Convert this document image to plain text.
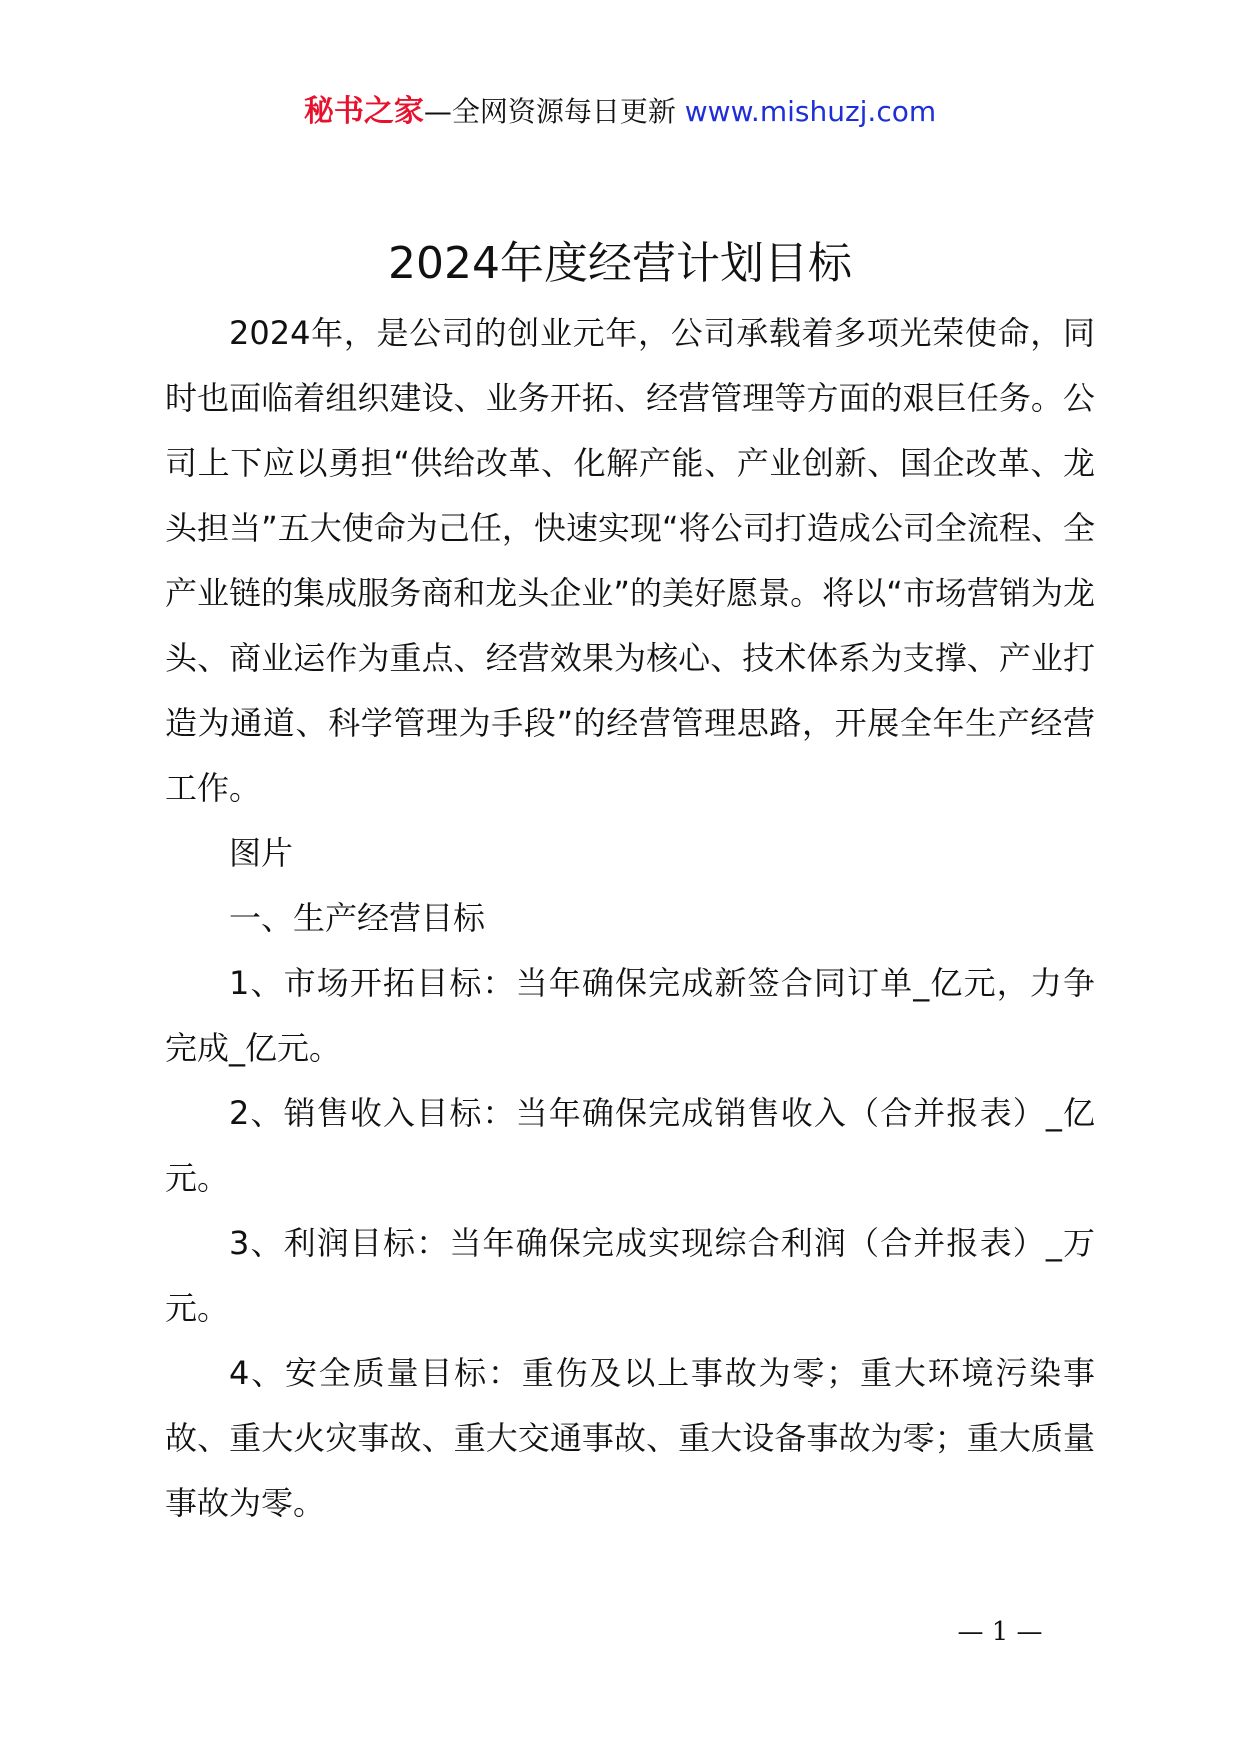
秘书之家—全网资源每日更新 www.mishuzj.com
2024年度经营计划目标

2024年，是公司的创业元年，公司承载着多项光荣使命，同时也面临着组织建设、业务开拓、经营管理等方面的艰巨任务。公司上下应以勇担“供给改革、化解产能、产业创新、国企改革、龙头担当”五大使命为己任，快速实现“将公司打造成公司全流程、全产业链的集成服务商和龙头企业”的美好愿景。将以“市场营销为龙头、商业运作为重点、经营效果为核心、技术体系为支撑、产业打造为通道、科学管理为手段”的经营管理思路，开展全年生产经营工作。

图片

一、生产经营目标

1、市场开拓目标：当年确保完成新签合同订单_亿元，力争完成_亿元。

2、销售收入目标：当年确保完成销售收入（合并报表）_亿元。

3、利润目标：当年确保完成实现综合利润（合并报表）_万元。

4、安全质量目标：重伤及以上事故为零；重大环境污染事故、重大火灾事故、重大交通事故、重大设备事故为零；重大质量事故为零。

— 1 —
